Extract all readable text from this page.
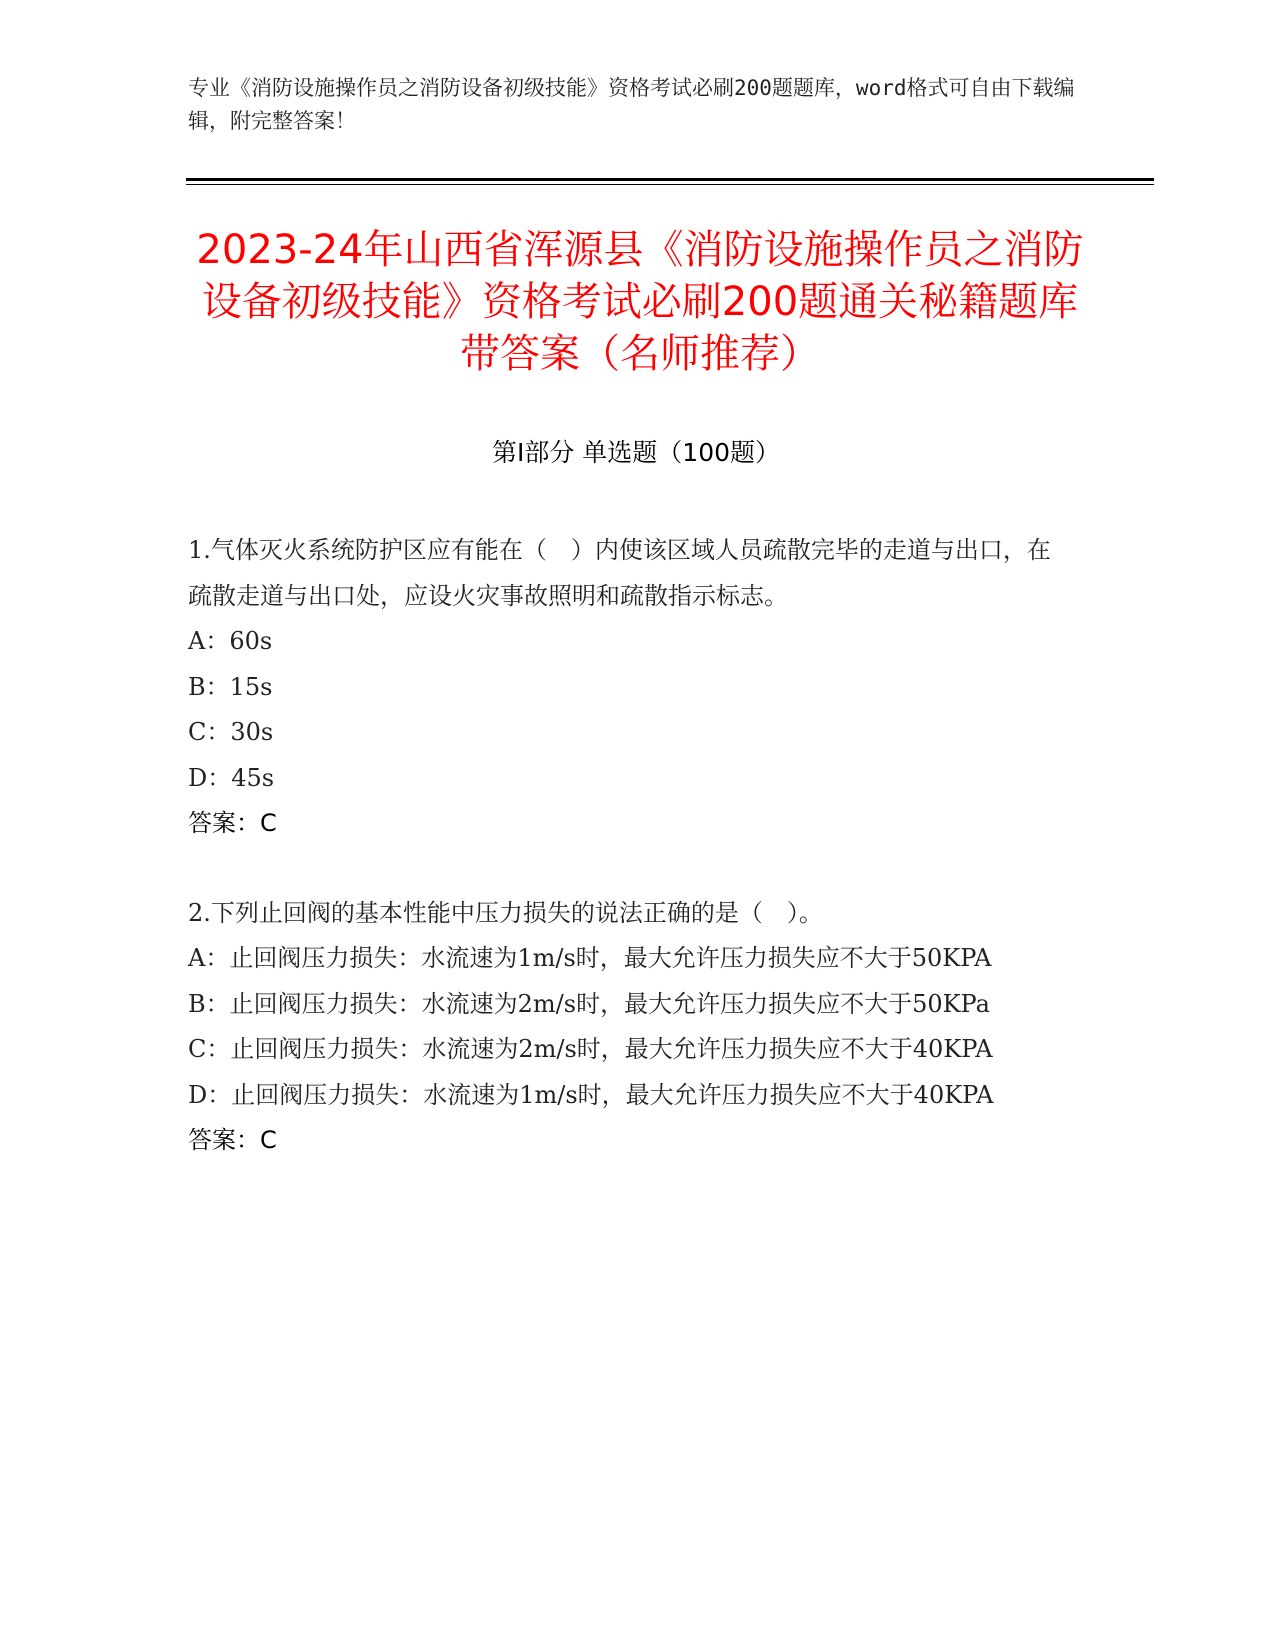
专业《消防设施操作员之消防设备初级技能》资格考试必刷200题题库，word格式可自由下载编辑，附完整答案！
2023-24年山西省浑源县《消防设施操作员之消防设备初级技能》资格考试必刷200题通关秘籍题库带答案（名师推荐）
第Ⅰ部分 单选题（100题）

1.气体灭火系统防护区应有能在（　）内使该区域人员疏散完毕的走道与出口，在疏散走道与出口处，应设火灾事故照明和疏散指示标志。

A：60s

B：15s

C：30s

D：45s

答案：C

2.下列止回阀的基本性能中压力损失的说法正确的是（　）。

A：止回阀压力损失：水流速为1m/s时，最大允许压力损失应不大于50KPA

B：止回阀压力损失：水流速为2m/s时，最大允许压力损失应不大于50KPa

C：止回阀压力损失：水流速为2m/s时，最大允许压力损失应不大于40KPA

D：止回阀压力损失：水流速为1m/s时，最大允许压力损失应不大于40KPA

答案：C
